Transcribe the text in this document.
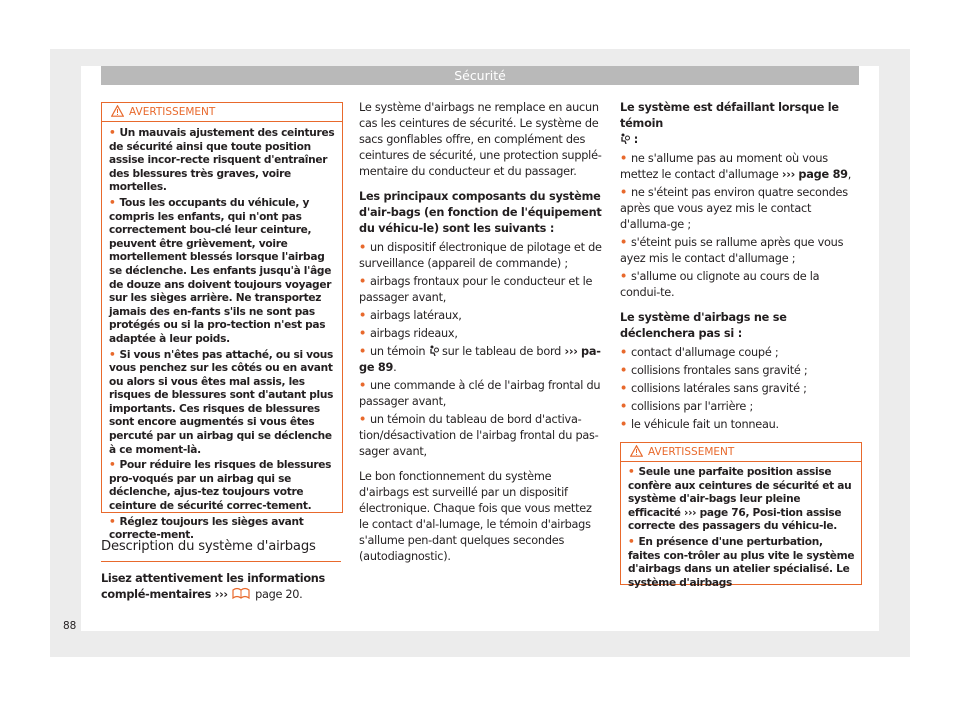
Sécurité
AVERTISSEMENT

• Un mauvais ajustement des ceintures de sécurité ainsi que toute position assise incor-recte risquent d'entraîner des blessures très graves, voire mortelles.

• Tous les occupants du véhicule, y compris les enfants, qui n'ont pas correctement bou-clé leur ceinture, peuvent être grièvement, voire mortellement blessés lorsque l'airbag se déclenche. Les enfants jusqu'à l'âge de douze ans doivent toujours voyager sur les sièges arrière. Ne transportez jamais des en-fants s'ils ne sont pas protégés ou si la pro-tection n'est pas adaptée à leur poids.

• Si vous n'êtes pas attaché, ou si vous vous penchez sur les côtés ou en avant ou alors si vous êtes mal assis, les risques de blessures sont d'autant plus importants. Ces risques de blessures sont encore augmentés si vous êtes percuté par un airbag qui se déclenche à ce moment-là.

• Pour réduire les risques de blessures pro-voqués par un airbag qui se déclenche, ajus-tez toujours votre ceinture de sécurité correc-tement.

• Réglez toujours les sièges avant correcte-ment.

Description du système d'airbags
Lisez attentivement les informations complé-mentaires ››› page 20.
88

Le système d'airbags ne remplace en aucun cas les ceintures de sécurité. Le système de sacs gonflables offre, en complément des ceintures de sécurité, une protection supplé-mentaire du conducteur et du passager.

Les principaux composants du système d'air-bags (en fonction de l'équipement du véhicu-le) sont les suivants :

• un dispositif électronique de pilotage et de surveillance (appareil de commande) ;

• airbags frontaux pour le conducteur et le passager avant,

• airbags latéraux,

• airbags rideaux,

• un témoin sur le tableau de bord ››› pa-ge 89.

• une commande à clé de l'airbag frontal du passager avant,

• un témoin du tableau de bord d'activa-tion/désactivation de l'airbag frontal du pas-sager avant,

Le bon fonctionnement du système d'airbags est surveillé par un dispositif électronique. Chaque fois que vous mettez le contact d'al-lumage, le témoin d'airbags s'allume pen-dant quelques secondes (autodiagnostic).

Le système est défaillant lorsque le témoin
:

• ne s'allume pas au moment où vous mettez le contact d'allumage ››› page 89,

• ne s'éteint pas environ quatre secondes après que vous ayez mis le contact d'alluma-ge ;

• s'éteint puis se rallume après que vous ayez mis le contact d'allumage ;

• s'allume ou clignote au cours de la condui-te.

Le système d'airbags ne se déclenchera pas si :

• contact d'allumage coupé ;

• collisions frontales sans gravité ;

• collisions latérales sans gravité ;

• collisions par l'arrière ;

• le véhicule fait un tonneau.

AVERTISSEMENT

• Seule une parfaite position assise confère aux ceintures de sécurité et au système d'air-bags leur pleine efficacité ››› page 76, Posi-tion assise correcte des passagers du véhicu-le.

• En présence d'une perturbation, faites con-trôler au plus vite le système d'airbags dans un atelier spécialisé. Le système d'airbags
